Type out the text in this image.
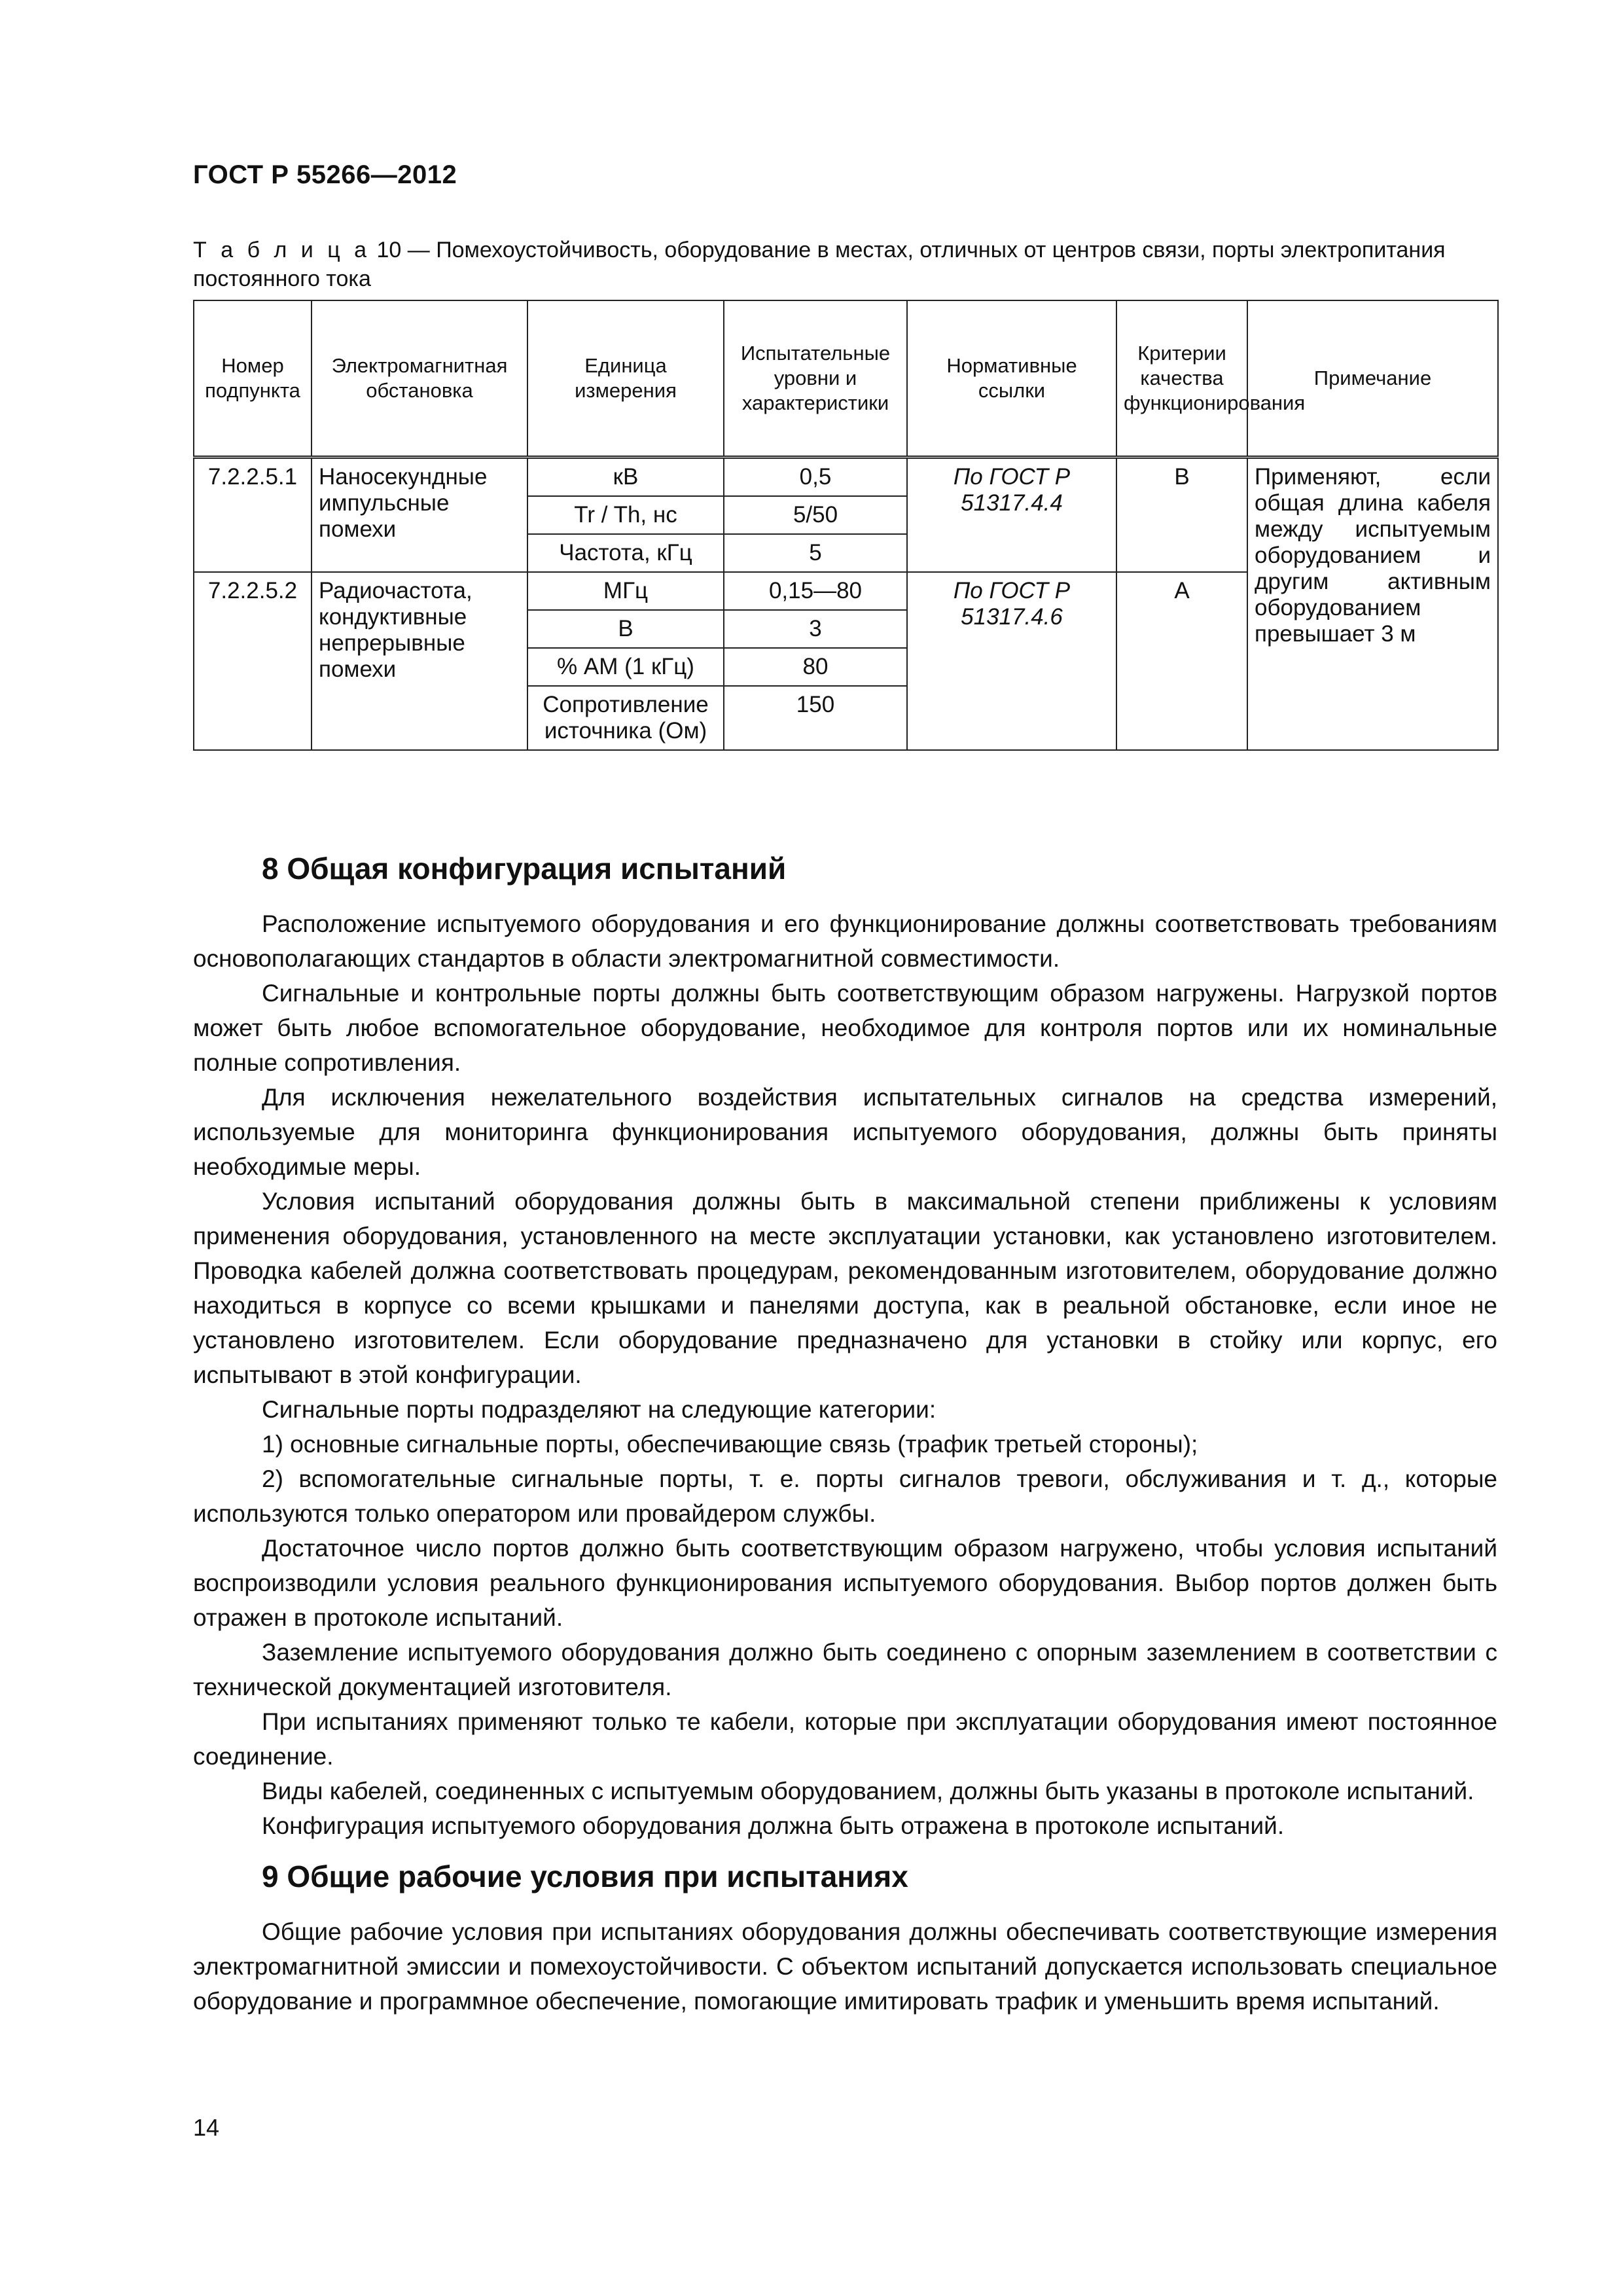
ГОСТ Р 55266—2012
Т а б л и ц а 10 — Помехоустойчивость, оборудование в местах, отличных от центров связи, порты электропитания постоянного тока
Номер подпункта	Электромагнитная обстановка	Единица измерения	Испытательные уровни и характеристики	Нормативные ссылки	Критерии качества функционирования	Примечание
7.2.2.5.1	Наносекундные импульсные помехи	кВ	0,5	По ГОСТ Р 51317.4.4	В	Применяют, если общая длина кабеля между испытуемым оборудованием и другим активным оборудованием превышает 3 м
		Tr / Th, нс	5/50			
		Частота, кГц	5			
7.2.2.5.2	Радиочастота, кондуктивные непрерывные помехи	МГц	0,15—80	По ГОСТ Р 51317.4.6	А	
		В	3			
		% АМ (1 кГц)	80			
		Сопротивление источника (Ом)	150			
8 Общая конфигурация испытаний

Расположение испытуемого оборудования и его функционирование должны соответствовать требованиям основополагающих стандартов в области электромагнитной совместимости.

Сигнальные и контрольные порты должны быть соответствующим образом нагружены. Нагрузкой портов может быть любое вспомогательное оборудование, необходимое для контроля портов или их номинальные полные сопротивления.

Для исключения нежелательного воздействия испытательных сигналов на средства измерений, используемые для мониторинга функционирования испытуемого оборудования, должны быть приняты необходимые меры.

Условия испытаний оборудования должны быть в максимальной степени приближены к условиям применения оборудования, установленного на месте эксплуатации установки, как установлено изготовителем. Проводка кабелей должна соответствовать процедурам, рекомендованным изготовителем, оборудование должно находиться в корпусе со всеми крышками и панелями доступа, как в реальной обстановке, если иное не установлено изготовителем. Если оборудование предназначено для установки в стойку или корпус, его испытывают в этой конфигурации.

Сигнальные порты подразделяют на следующие категории:

1) основные сигнальные порты, обеспечивающие связь (трафик третьей стороны);

2) вспомогательные сигнальные порты, т. е. порты сигналов тревоги, обслуживания и т. д., которые используются только оператором или провайдером службы.

Достаточное число портов должно быть соответствующим образом нагружено, чтобы условия испытаний воспроизводили условия реального функционирования испытуемого оборудования. Выбор портов должен быть отражен в протоколе испытаний.

Заземление испытуемого оборудования должно быть соединено с опорным заземлением в соответствии с технической документацией изготовителя.

При испытаниях применяют только те кабели, которые при эксплуатации оборудования имеют постоянное соединение.

Виды кабелей, соединенных с испытуемым оборудованием, должны быть указаны в протоколе испытаний.

Конфигурация испытуемого оборудования должна быть отражена в протоколе испытаний.

9 Общие рабочие условия при испытаниях

Общие рабочие условия при испытаниях оборудования должны обеспечивать соответствующие измерения электромагнитной эмиссии и помехоустойчивости. С объектом испытаний допускается использовать специальное оборудование и программное обеспечение, помогающие имитировать трафик и уменьшить время испытаний.

14
